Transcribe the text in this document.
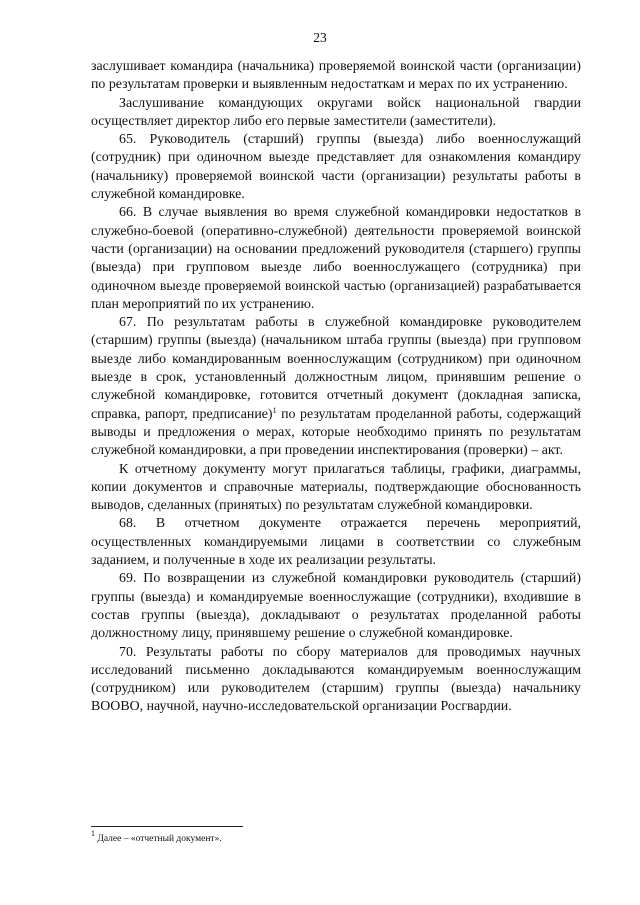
23

заслушивает командира (начальника) проверяемой воинской части (организации) по результатам проверки и выявленным недостаткам и мерах по их устранению.

Заслушивание командующих округами войск национальной гвардии осуществляет директор либо его первые заместители (заместители).

65. Руководитель (старший) группы (выезда) либо военнослужащий (сотрудник) при одиночном выезде представляет для ознакомления командиру (начальнику) проверяемой воинской части (организации) результаты работы в служебной командировке.

66. В случае выявления во время служебной командировки недостатков в служебно-боевой (оперативно-служебной) деятельности проверяемой воинской части (организации) на основании предложений руководителя (старшего) группы (выезда) при групповом выезде либо военнослужащего (сотрудника) при одиночном выезде проверяемой воинской частью (организацией) разрабатывается план мероприятий по их устранению.

67. По результатам работы в служебной командировке руководителем (старшим) группы (выезда) (начальником штаба группы (выезда) при групповом выезде либо командированным военнослужащим (сотрудником) при одиночном выезде в срок, установленный должностным лицом, принявшим решение о служебной командировке, готовится отчетный документ (докладная записка, справка, рапорт, предписание)$^1$ по результатам проделанной работы, содержащий выводы и предложения о мерах, которые необходимо принять по результатам служебной командировки, а при проведении инспектирования (проверки) – акт.

К отчетному документу могут прилагаться таблицы, графики, диаграммы, копии документов и справочные материалы, подтверждающие обоснованность выводов, сделанных (принятых) по результатам служебной командировки.

68. В отчетном документе отражается перечень мероприятий, осуществленных командируемыми лицами в соответствии со служебным заданием, и полученные в ходе их реализации результаты.

69. По возвращении из служебной командировки руководитель (старший) группы (выезда) и командируемые военнослужащие (сотрудники), входившие в состав группы (выезда), докладывают о результатах проделанной работы должностному лицу, принявшему решение о служебной командировке.

70. Результаты работы по сбору материалов для проводимых научных исследований письменно докладываются командируемым военнослужащим (сотрудником) или руководителем (старшим) группы (выезда) начальнику ВООВО, научной, научно-исследовательской организации Росгвардии.

$^1$ Далее – «отчетный документ».
